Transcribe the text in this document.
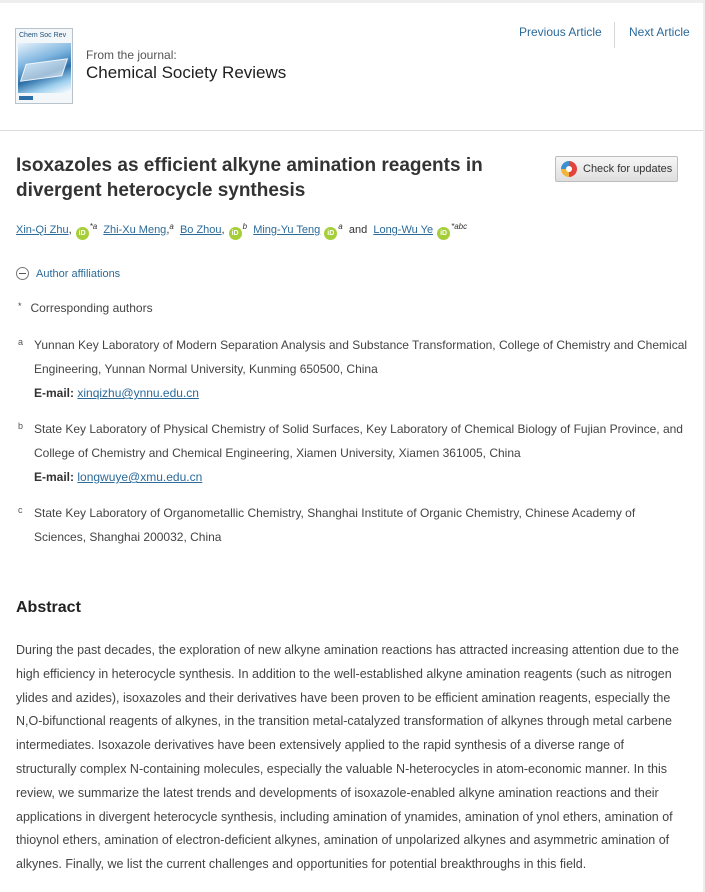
Chem Soc Rev
From the journal:
Chemical Society Reviews
Previous Article Next Article
Isoxazoles as efficient alkyne amination reagents in divergent heterocycle synthesis
Check for updates
Xin-Qi Zhu, $iD^{*a}$ Zhi-Xu Meng,$^a$ Bo Zhou, $iD^b$ Ming-Yu Teng $iD^a$ and Long-Wu Ye $iD^{*abc}$
Author affiliations
* Corresponding authors
a Yunnan Key Laboratory of Modern Separation Analysis and Substance Transformation, College of Chemistry and Chemical Engineering, Yunnan Normal University, Kunming 650500, China
E-mail: xinqizhu@ynnu.edu.cn
b State Key Laboratory of Physical Chemistry of Solid Surfaces, Key Laboratory of Chemical Biology of Fujian Province, and College of Chemistry and Chemical Engineering, Xiamen University, Xiamen 361005, China
E-mail: longwuye@xmu.edu.cn
c State Key Laboratory of Organometallic Chemistry, Shanghai Institute of Organic Chemistry, Chinese Academy of Sciences, Shanghai 200032, China
Abstract

During the past decades, the exploration of new alkyne amination reactions has attracted increasing attention due to the high efficiency in heterocycle synthesis. In addition to the well-established alkyne amination reagents (such as nitrogen ylides and azides), isoxazoles and their derivatives have been proven to be efficient amination reagents, especially the N,O-bifunctional reagents of alkynes, in the transition metal-catalyzed transformation of alkynes through metal carbene intermediates. Isoxazole derivatives have been extensively applied to the rapid synthesis of a diverse range of structurally complex N-containing molecules, especially the valuable N-heterocycles in atom-economic manner. In this review, we summarize the latest trends and developments of isoxazole-enabled alkyne amination reactions and their applications in divergent heterocycle synthesis, including amination of ynamides, amination of ynol ethers, amination of thioynol ethers, amination of electron-deficient alkynes, amination of unpolarized alkynes and asymmetric amination of alkynes. Finally, we list the current challenges and opportunities for potential breakthroughs in this field.
